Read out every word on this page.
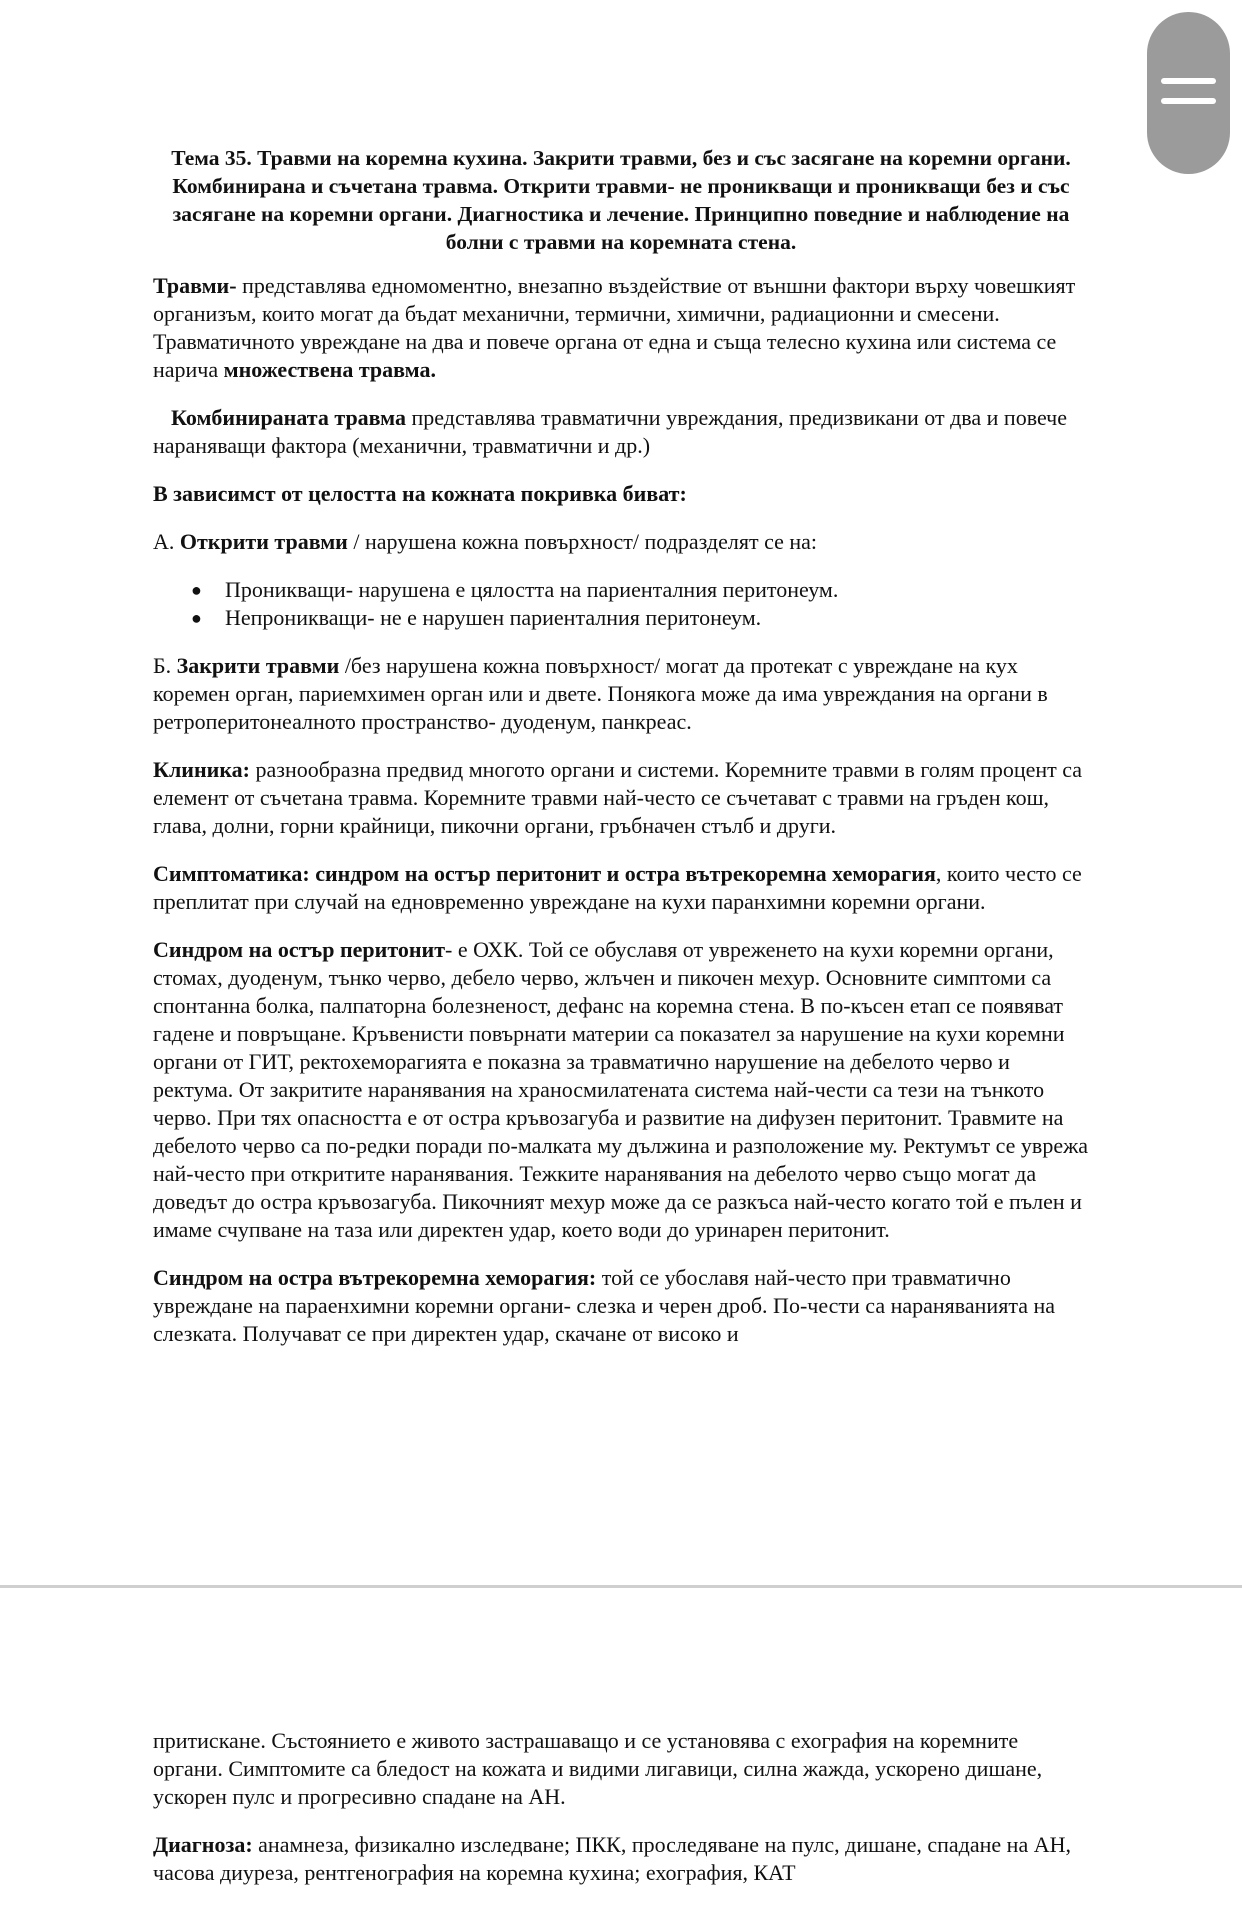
Тема 35. Травми на коремна кухина. Закрити травми, без и със засягане на коремни органи. Комбинирана и съчетана травма. Открити травми- не проникващи и проникващи без и със засягане на коремни органи. Диагностика и лечение. Принципно поведние и наблюдение на болни с травми на коремната стена.

Травми- представлява едномоментно, внезапно въздействие от външни фактори върху човешкият организъм, които могат да бъдат механични, термични, химични, радиационни и смесени. Травматичното увреждане на два и повече органа от една и съща телесно кухина или система се нарича множествена травма.

Комбинираната травма представлява травматични увреждания, предизвикани от два и повече нараняващи фактора (механични, травматични и др.)

В зависимст от целостта на кожната покривка биват:

А. Открити травми / нарушена кожна повърхност/ подразделят се на:

● Проникващи- нарушена е цялостта на париенталния перитонеум.
● Непроникващи- не е нарушен париенталния перитонеум.

Б. Закрити травми /без нарушена кожна повърхност/ могат да протекат с увреждане на кух коремен орган, париемхимен орган или и двете. Понякога може да има увреждания на органи в ретроперитонеалното пространство- дуоденум, панкреас.

Клиника: разнообразна предвид многото органи и системи. Коремните травми в голям процент са елемент от съчетана травма. Коремните травми най-често се съчетават с травми на гръден кош, глава, долни, горни крайници, пикочни органи, гръбначен стълб и други.

Симптоматика: синдром на остър перитонит и остра вътрекоремна хеморагия, които често се преплитат при случай на едновременно увреждане на кухи паранхимни коремни органи.

Синдром на остър перитонит- е ОХК. Той се обуславя от увреженето на кухи коремни органи, стомах, дуоденум, тънко черво, дебело черво, жлъчен и пикочен мехур. Основните симптоми са спонтанна болка, палпаторна болезненост, дефанс на коремна стена. В по-късен етап се появяват гадене и повръщане. Кръвенисти повърнати материи са показател за нарушение на кухи коремни органи от ГИТ, ректохеморагията е показна за травматично нарушение на дебелото черво и ректума. От закритите наранявания на храносмилатената система най-чести са тези на тънкото черво. При тях опасността е от остра кръвозагуба и развитие на дифузен перитонит. Травмите на дебелото черво са по-редки поради по-малката му дължина и разположение му. Ректумът се уврежа най-често при откритите наранявания. Тежките наранявания на дебелото черво също могат да доведът до остра кръвозагуба. Пикочният мехур може да се разкъса най-често когато той е пълен и имаме счупване на таза или директен удар, което води до уринарен перитонит.

Синдром на остра вътрекоремна хеморагия: той се убославя най-често при травматично увреждане на параенхимни коремни органи- слезка и черен дроб. По-чести са нараняванията на слезката. Получават се при директен удар, скачане от високо и

притискане. Състоянието е живото застрашаващо и се установява с ехография на коремните органи. Симптомите са бледост на кожата и видими лигавици, силна жажда, ускорено дишане, ускорен пулс и прогресивно спадане на АН.

Диагноза: анамнеза, физикално изследване; ПКК, проследяване на пулс, дишане, спадане на АН, часова диуреза, рентгенография на коремна кухина; ехография, КАТ
